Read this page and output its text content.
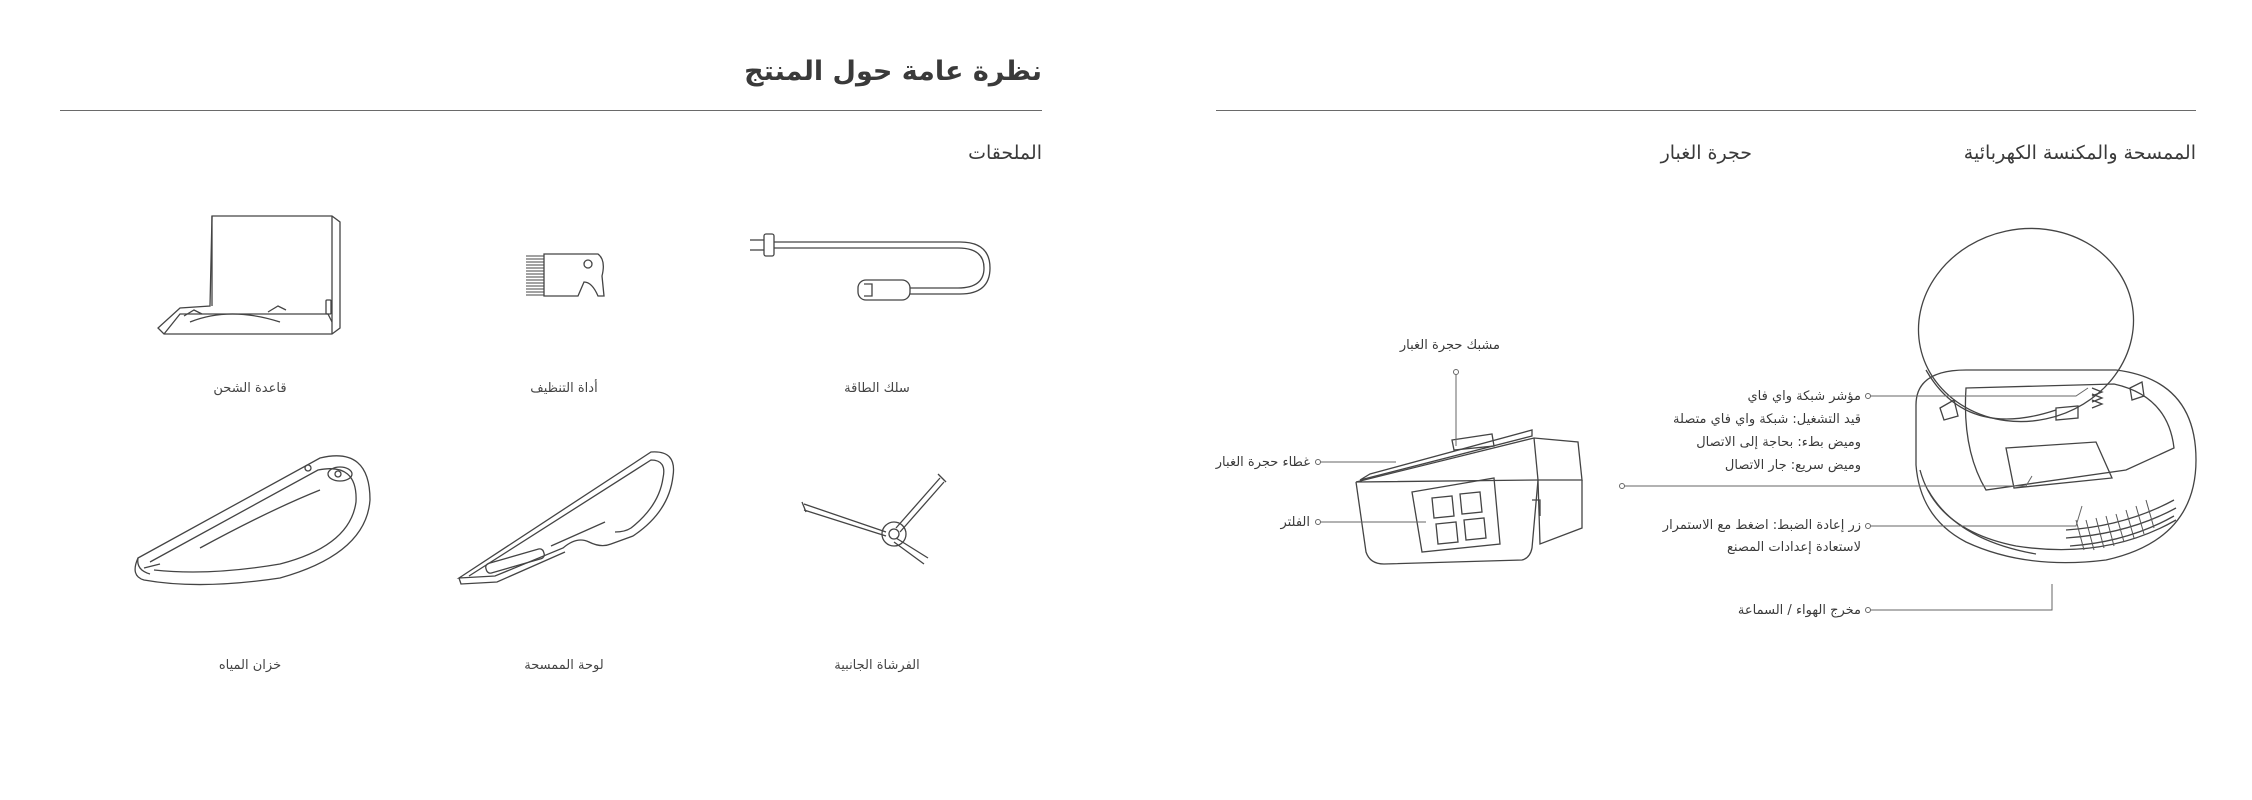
نظرة عامة حول المنتج
الملحقات
قاعدة الشحن	أداة التنظيف	سلك الطاقة
خزان المياه	لوحة الممسحة	الفرشاة الجانبية
الممسحة والمكنسة الكهربائية
حجرة الغبار
مؤشر شبكة واي فاي
قيد التشغيل: شبكة واي فاي متصلة
وميض بطء: بحاجة إلى الاتصال
وميض سريع: جار الاتصال
زر إعادة الضبط: اضغط مع الاستمرار
لاستعادة إعدادات المصنع
مخرج الهواء / السماعة
مشبك حجرة الغبار
غطاء حجرة الغبار
الفلتر
